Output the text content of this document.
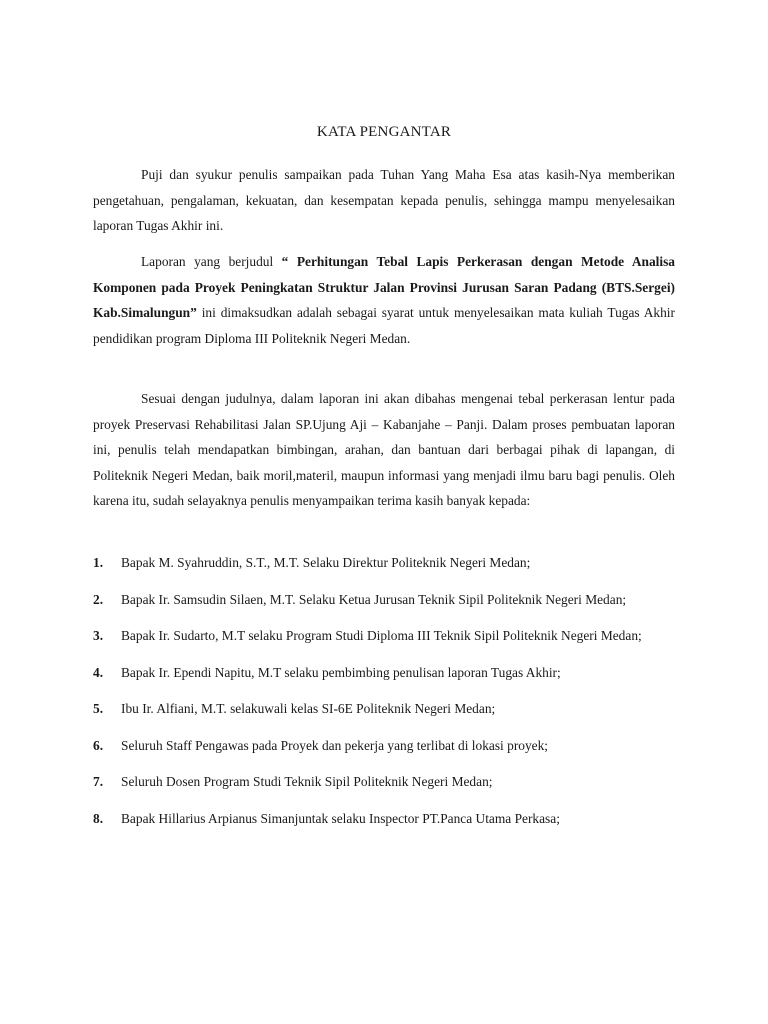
KATA PENGANTAR

Puji dan syukur penulis sampaikan pada Tuhan Yang Maha Esa atas kasih-Nya memberikan pengetahuan, pengalaman, kekuatan, dan kesempatan kepada penulis, sehingga mampu menyelesaikan laporan Tugas Akhir ini.

Laporan yang berjudul “ Perhitungan Tebal Lapis Perkerasan dengan Metode Analisa Komponen pada Proyek Peningkatan Struktur Jalan Provinsi Jurusan Saran Padang (BTS.Sergei) Kab.Simalungun” ini dimaksudkan adalah sebagai syarat untuk menyelesaikan mata kuliah Tugas Akhir pendidikan program Diploma III Politeknik Negeri Medan.

Sesuai dengan judulnya, dalam laporan ini akan dibahas mengenai tebal perkerasan lentur pada proyek Preservasi Rehabilitasi Jalan SP.Ujung Aji – Kabanjahe – Panji. Dalam proses pembuatan laporan ini, penulis telah mendapatkan bimbingan, arahan, dan bantuan dari berbagai pihak di lapangan, di Politeknik Negeri Medan, baik moril,materil, maupun informasi yang menjadi ilmu baru bagi penulis. Oleh karena itu, sudah selayaknya penulis menyampaikan terima kasih banyak kepada:

1. Bapak M. Syahruddin, S.T., M.T. Selaku Direktur Politeknik Negeri Medan;
2. Bapak Ir. Samsudin Silaen, M.T. Selaku Ketua Jurusan Teknik Sipil Politeknik Negeri Medan;
3. Bapak Ir. Sudarto, M.T selaku Program Studi Diploma III Teknik Sipil Politeknik Negeri Medan;
4. Bapak Ir. Ependi Napitu, M.T selaku pembimbing penulisan laporan Tugas Akhir;
5. Ibu Ir. Alfiani, M.T. selakuwali kelas SI-6E Politeknik Negeri Medan;
6. Seluruh Staff Pengawas pada Proyek dan pekerja yang terlibat di lokasi proyek;
7. Seluruh Dosen Program Studi Teknik Sipil Politeknik Negeri Medan;
8. Bapak Hillarius Arpianus Simanjuntak selaku Inspector PT.Panca Utama Perkasa;
